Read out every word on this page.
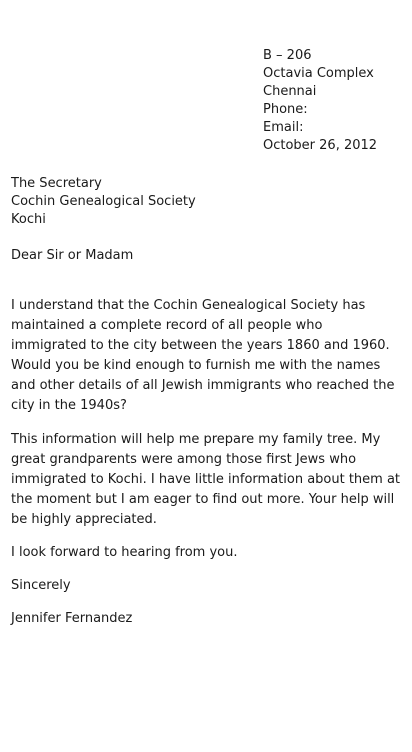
B – 206
Octavia Complex
Chennai
Phone:
Email:
October 26, 2012
The Secretary
Cochin Genealogical Society
Kochi
Dear Sir or Madam

I understand that the Cochin Genealogical Society has maintained a complete record of all people who immigrated to the city between the years 1860 and 1960. Would you be kind enough to furnish me with the names and other details of all Jewish immigrants who reached the city in the 1940s?

This information will help me prepare my family tree. My great grandparents were among those first Jews who immigrated to Kochi. I have little information about them at the moment but I am eager to find out more. Your help will be highly appreciated.

I look forward to hearing from you.

Sincerely
Jennifer Fernandez
